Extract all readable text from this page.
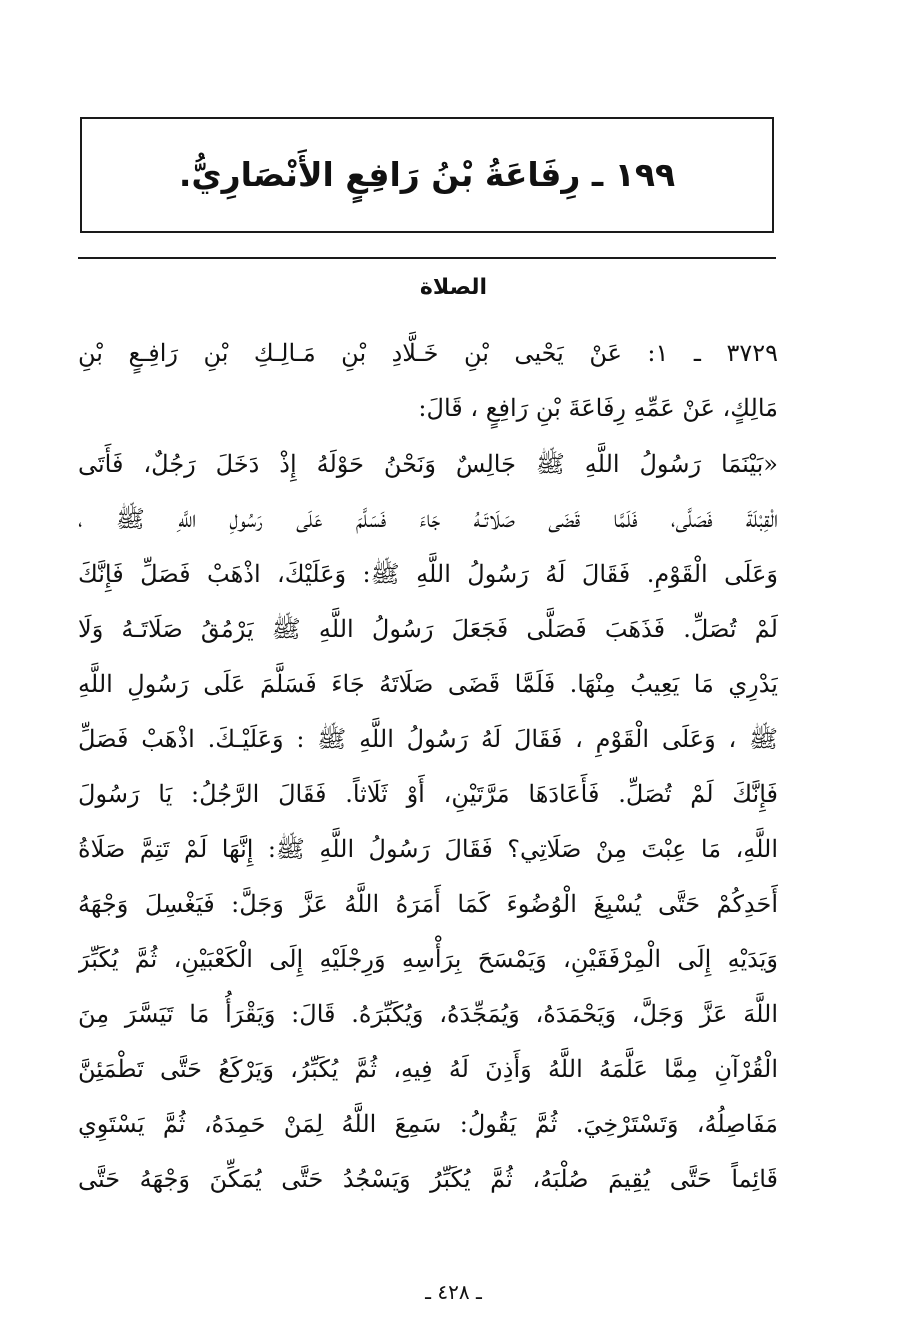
١٩٩ ـ رِفَاعَةُ بْنُ رَافِعٍ الأَنْصَارِيُّ.
الصلاة
٣٧٢٩ ـ ١: عَنْ يَحْيى بْنِ خَـلَّادِ بْنِ مَـالِـكِ بْنِ رَافِـعٍ بْنِ
مَالِكٍ، عَنْ عَمِّهِ رِفَاعَةَ بْنِ رَافِعٍ ، قَالَ:
«بَيْنَمَا رَسُولُ اللَّهِ ﷺ جَالِسٌ وَنَحْنُ حَوْلَهُ إِذْ دَخَلَ رَجُلٌ، فَأَتَى
الْقِبْلَةَ فَصَلَّى، فَلَمَّا قَضَى صَلَاتَـهُ جَاءَ فَسَلَّمَ عَلَى رَسُولِ اللَّهِ ﷺ ،
وَعَلَى الْقَوْمِ. فَقَالَ لَهُ رَسُولُ اللَّهِ ﷺ: وَعَلَيْكَ، اذْهَبْ فَصَلِّ فَإِنَّكَ
لَمْ تُصَلِّ. فَذَهَبَ فَصَلَّى فَجَعَلَ رَسُولُ اللَّهِ ﷺ يَرْمُقُ صَلَاتَـهُ وَلَا
يَدْرِي مَا يَعِيبُ مِنْهَا. فَلَمَّا قَضَى صَلَاتَهُ جَاءَ فَسَلَّمَ عَلَى رَسُولِ اللَّهِ
ﷺ ، وَعَلَى الْقَوْمِ ، فَقَالَ لَهُ رَسُولُ اللَّهِ ﷺ : وَعَلَيْـكَ. اذْهَبْ فَصَلِّ
فَإِنَّكَ لَمْ تُصَلِّ. فَأَعَادَهَا مَرَّتَيْنِ، أَوْ ثَلَاثاً. فَقَالَ الرَّجُلُ: يَا رَسُولَ
اللَّهِ، مَا عِبْتَ مِنْ صَلَاتِي؟ فَقَالَ رَسُولُ اللَّهِ ﷺ: إِنَّهَا لَمْ تَتِمَّ صَلَاةُ
أَحَدِكُمْ حَتَّى يُسْبِغَ الْوُضُوءَ كَمَا أَمَرَهُ اللَّهُ عَزَّ وَجَلَّ: فَيَغْسِلَ وَجْهَهُ
وَيَدَيْهِ إِلَى الْمِرْفَقَيْنِ، وَيَمْسَحَ بِرَأْسِهِ وَرِجْلَيْهِ إِلَى الْكَعْبَيْنِ، ثُمَّ يُكَبِّرَ
اللَّهَ عَزَّ وَجَلَّ، وَيَحْمَدَهُ، وَيُمَجِّدَهُ، وَيُكَبِّرَهُ. قَالَ: وَيَقْرَأُ مَا تَيَسَّرَ مِنَ
الْقُرْآنِ مِمَّا عَلَّمَهُ اللَّهُ وَأَذِنَ لَهُ فِيهِ، ثُمَّ يُكَبِّرُ، وَيَرْكَعُ حَتَّى تَطْمَئِنَّ
مَفَاصِلُهُ، وَتَسْتَرْخِيَ. ثُمَّ يَقُولُ: سَمِعَ اللَّهُ لِمَنْ حَمِدَهُ، ثُمَّ يَسْتَوِي
قَائِماً حَتَّى يُقِيمَ صُلْبَهُ، ثُمَّ يُكَبِّرُ وَيَسْجُدُ حَتَّى يُمَكِّنَ وَجْهَهُ حَتَّى
ـ ٤٢٨ ـ
